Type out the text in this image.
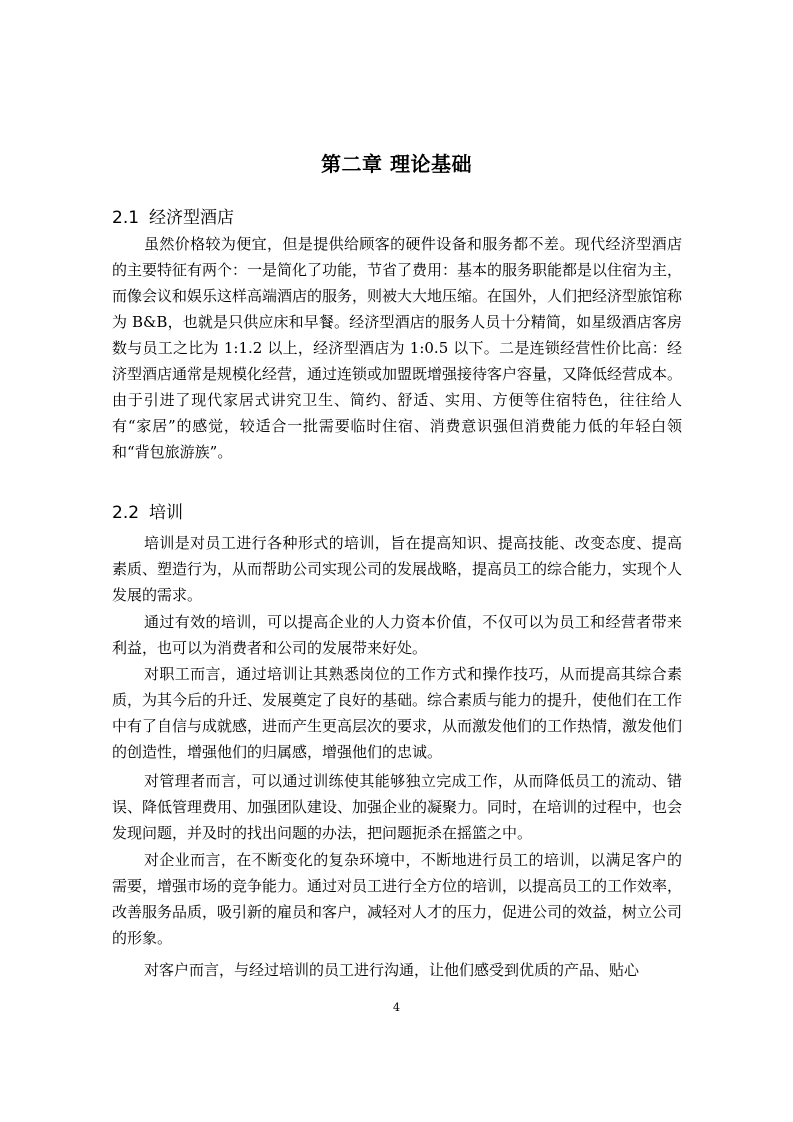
第二章 理论基础
2.1 经济型酒店

虽然价格较为便宜，但是提供给顾客的硬件设备和服务都不差。现代经济型酒店的主要特征有两个：一是简化了功能，节省了费用：基本的服务职能都是以住宿为主，而像会议和娱乐这样高端酒店的服务，则被大大地压缩。在国外，人们把经济型旅馆称为 B&B，也就是只供应床和早餐。经济型酒店的服务人员十分精简，如星级酒店客房数与员工之比为 1:1.2 以上，经济型酒店为 1:0.5 以下。二是连锁经营性价比高：经济型酒店通常是规模化经营，通过连锁或加盟既增强接待客户容量，又降低经营成本。由于引进了现代家居式讲究卫生、简约、舒适、实用、方便等住宿特色，往往给人有“家居”的感觉，较适合一批需要临时住宿、消费意识强但消费能力低的年轻白领和“背包旅游族”。

2.2 培训

培训是对员工进行各种形式的培训，旨在提高知识、提高技能、改变态度、提高素质、塑造行为，从而帮助公司实现公司的发展战略，提高员工的综合能力，实现个人发展的需求。

通过有效的培训，可以提高企业的人力资本价值，不仅可以为员工和经营者带来利益，也可以为消费者和公司的发展带来好处。

对职工而言，通过培训让其熟悉岗位的工作方式和操作技巧，从而提高其综合素质，为其今后的升迁、发展奠定了良好的基础。综合素质与能力的提升，使他们在工作中有了自信与成就感，进而产生更高层次的要求，从而激发他们的工作热情，激发他们的创造性，增强他们的归属感，增强他们的忠诚。

对管理者而言，可以通过训练使其能够独立完成工作，从而降低员工的流动、错误、降低管理费用、加强团队建设、加强企业的凝聚力。同时，在培训的过程中，也会发现问题，并及时的找出问题的办法，把问题扼杀在摇篮之中。

对企业而言，在不断变化的复杂环境中，不断地进行员工的培训，以满足客户的需要，增强市场的竞争能力。通过对员工进行全方位的培训，以提高员工的工作效率，改善服务品质，吸引新的雇员和客户，减轻对人才的压力，促进公司的效益，树立公司的形象。

对客户而言，与经过培训的员工进行沟通，让他们感受到优质的产品、贴心

4
